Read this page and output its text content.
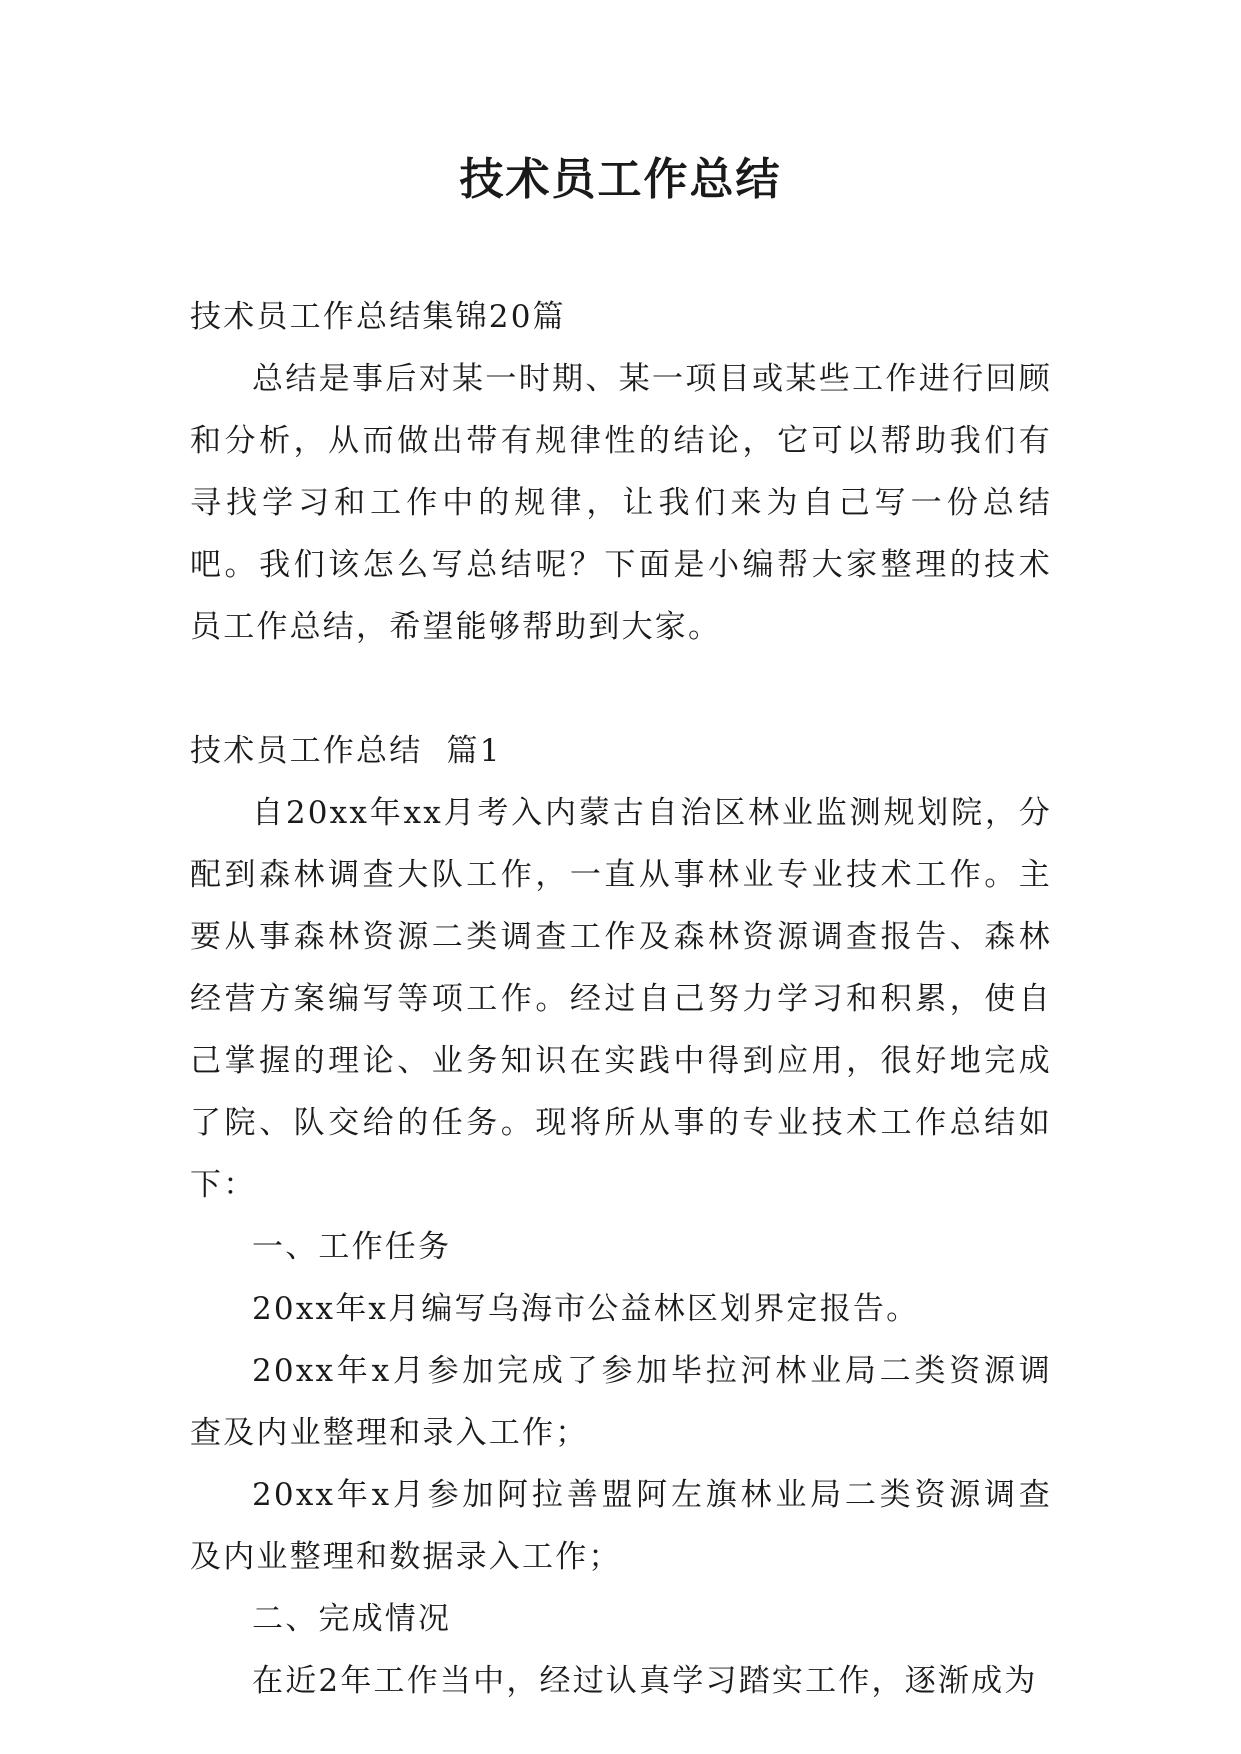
技术员工作总结

技术员工作总结集锦20篇

总结是事后对某一时期、某一项目或某些工作进行回顾和分析，从而做出带有规律性的结论，它可以帮助我们有寻找学习和工作中的规律，让我们来为自己写一份总结吧。我们该怎么写总结呢？下面是小编帮大家整理的技术员工作总结，希望能够帮助到大家。

技术员工作总结  篇1

自20xx年xx月考入内蒙古自治区林业监测规划院，分配到森林调查大队工作，一直从事林业专业技术工作。主要从事森林资源二类调查工作及森林资源调查报告、森林经营方案编写等项工作。经过自己努力学习和积累，使自己掌握的理论、业务知识在实践中得到应用，很好地完成了院、队交给的任务。现将所从事的专业技术工作总结如下：

一、工作任务

20xx年x月编写乌海市公益林区划界定报告。

20xx年x月参加完成了参加毕拉河林业局二类资源调查及内业整理和录入工作；

20xx年x月参加阿拉善盟阿左旗林业局二类资源调查及内业整理和数据录入工作；

二、完成情况

在近2年工作当中，经过认真学习踏实工作，逐渐成为
